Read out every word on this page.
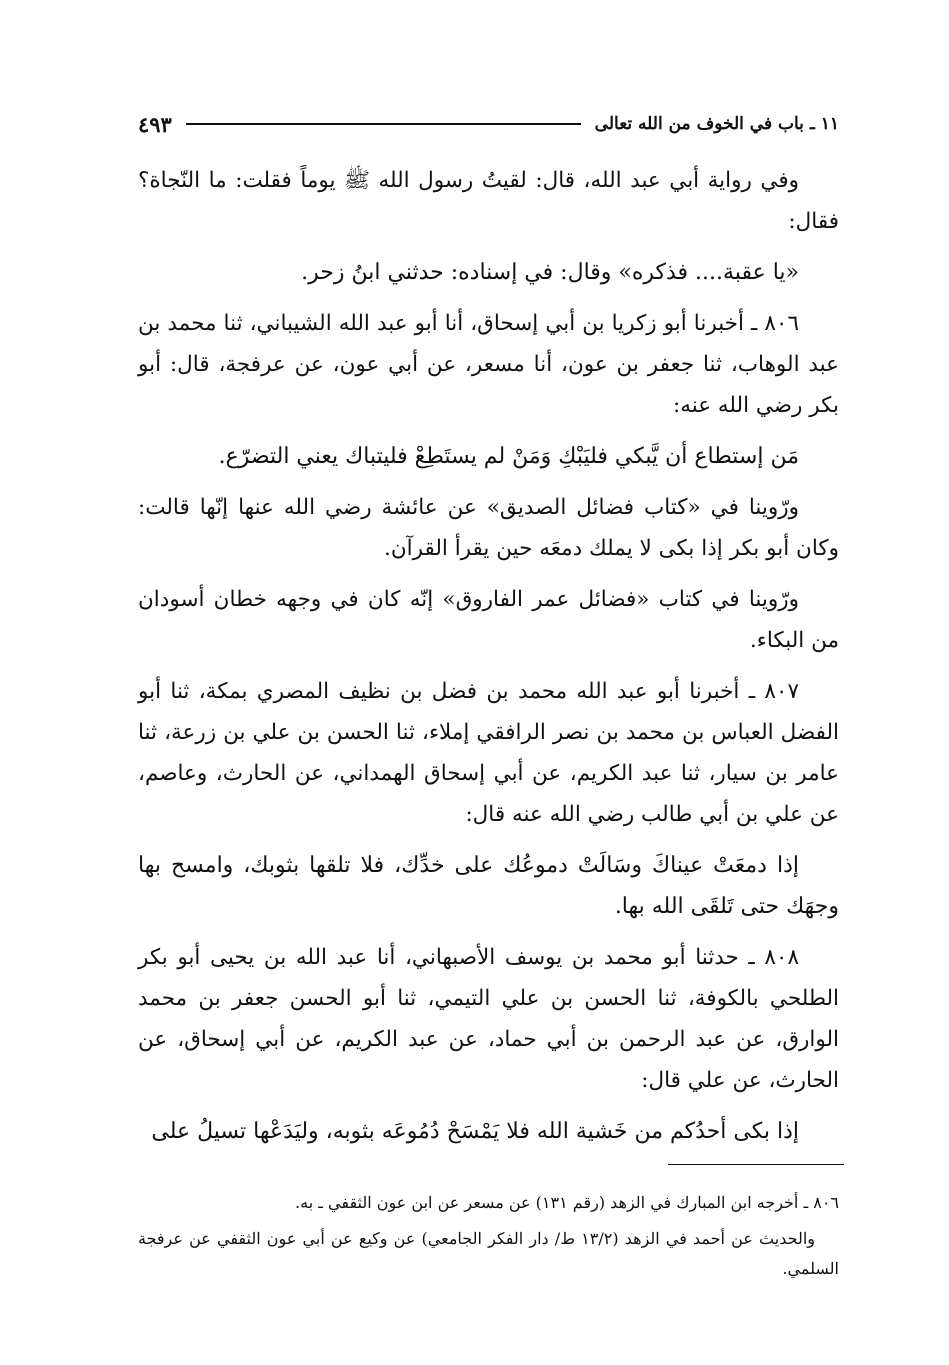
١١ ـ باب في الخوف من الله تعالى
٤٩٣

وفي رواية أبي عبد الله، قال: لقيتُ رسول الله ﷺ يوماً فقلت: ما النّجاة؟ فقال:

«يا عقبة.... فذكره» وقال: في إسناده: حدثني ابنُ زحر.

٨٠٦ ـ أخبرنا أبو زكريا بن أبي إسحاق، أنا أبو عبد الله الشيباني، ثنا محمد بن عبد الوهاب، ثنا جعفر بن عون، أنا مسعر، عن أبي عون، عن عرفجة، قال: أبو بكر رضي الله عنه:

مَن إستطاع أن يَّبكي فليَبْكِ وَمَنْ لم يستَطِعْ فليتباك يعني التضرّع.

ورّوينا في «كتاب فضائل الصديق» عن عائشة رضي الله عنها إنّها قالت: وكان أبو بكر إذا بكى لا يملك دمعَه حين يقرأ القرآن.

ورّوينا في كتاب «فضائل عمر الفاروق» إنّه كان في وجهه خطان أسودان من البكاء.

٨٠٧ ـ أخبرنا أبو عبد الله محمد بن فضل بن نظيف المصري بمكة، ثنا أبو الفضل العباس بن محمد بن نصر الرافقي إملاء، ثنا الحسن بن علي بن زرعة، ثنا عامر بن سيار، ثنا عبد الكريم، عن أبي إسحاق الهمداني، عن الحارث، وعاصم، عن علي بن أبي طالب رضي الله عنه قال:

إذا دمعَتْ عيناكَ وسَالَتْ دموعُك على خدِّك، فلا تلقها بثوبك، وامسح بها وجهَك حتى تَلقَى الله بها.

٨٠٨ ـ حدثنا أبو محمد بن يوسف الأصبهاني، أنا عبد الله بن يحيى أبو بكر الطلحي بالكوفة، ثنا الحسن بن علي التيمي، ثنا أبو الحسن جعفر بن محمد الوارق، عن عبد الرحمن بن أبي حماد، عن عبد الكريم، عن أبي إسحاق، عن الحارث، عن علي قال:

إذا بكى أحدُكم من خَشية الله فلا يَمْسَحْ دُمُوعَه بثوبه، وليَدَعْها تسيلُ على

٨٠٦ ـ أخرجه ابن المبارك في الزهد (رقم ١٣١) عن مسعر عن ابن عون الثقفي ـ به.

والحديث عن أحمد في الزهد (١٣/٢ ط/ دار الفكر الجامعي) عن وكيع عن أبي عون الثقفي عن عرفجة السلمي.
